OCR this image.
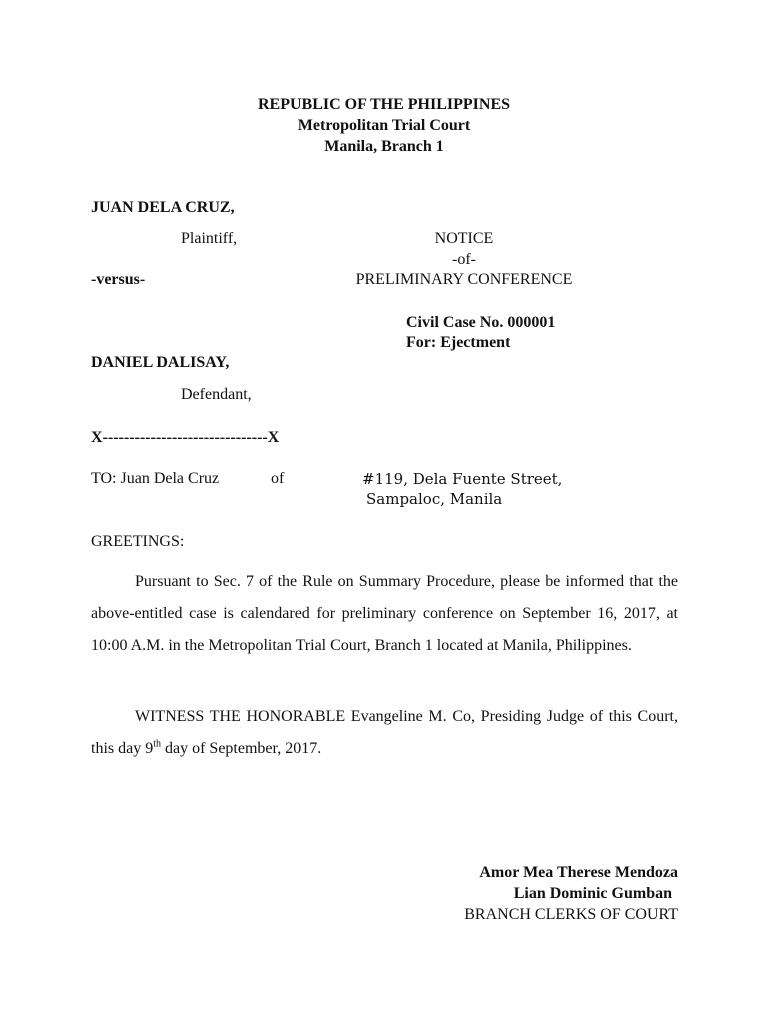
REPUBLIC OF THE PHILIPPINES
Metropolitan Trial Court
Manila, Branch 1
JUAN DELA CRUZ,
Plaintiff,	NOTICE
-of-
PRELIMINARY CONFERENCE
-versus-
Civil Case No. 000001
For: Ejectment
DANIEL DALISAY,
Defendant,
X-------------------------------X
TO: Juan Dela Cruz	of	#119, Dela Fuente Street,
Sampaloc, Manila
GREETINGS:
Pursuant to Sec. 7 of the Rule on Summary Procedure, please be informed that the above-entitled case is calendared for preliminary conference on September 16, 2017, at 10:00 A.M. in the Metropolitan Trial Court, Branch 1 located at Manila, Philippines.
WITNESS THE HONORABLE Evangeline M. Co, Presiding Judge of this Court, this day 9th day of September, 2017.
Amor Mea Therese Mendoza
Lian Dominic Gumban
BRANCH CLERKS OF COURT
